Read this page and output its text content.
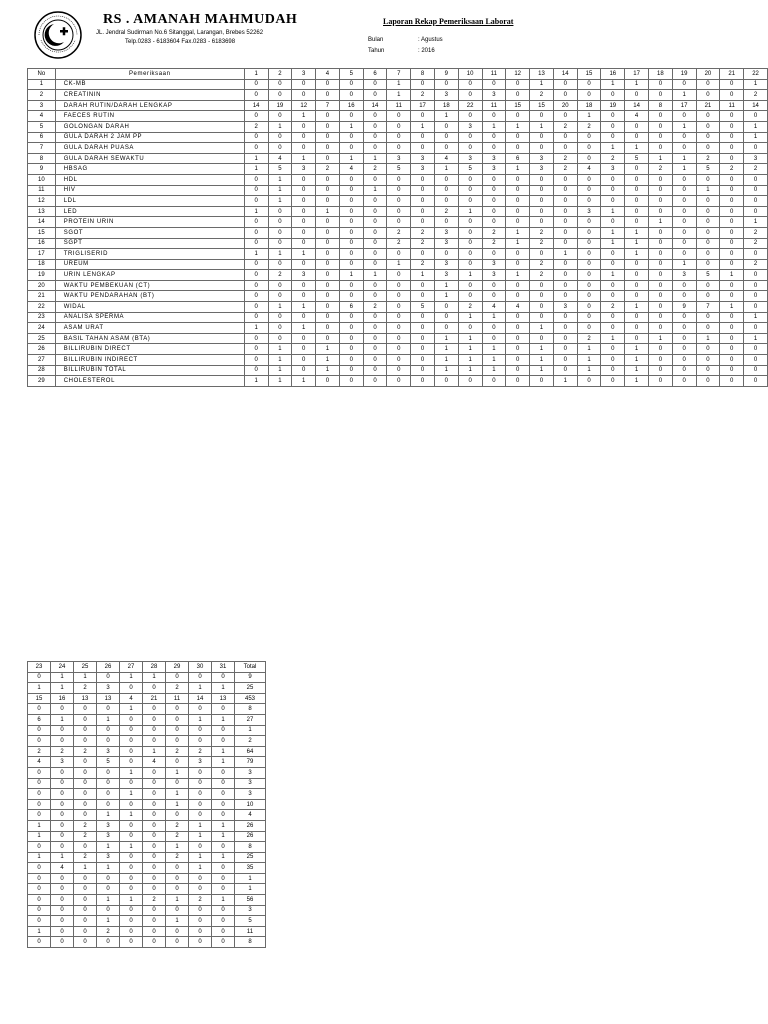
RS . AMANAH MAHMUDAH
JL. Jendral Sudirman No.6 Sitanggal, Larangan, Brebes 52262
Telp.0283 - 6183604 Fax.0283 - 6183698
Laporan Rekap Pemeriksaan Laborat
Bulan	: Agustus
Tahun	: 2016
No	Pemeriksaan	1	2	3	4	5	6	7	8	9	10	11	12	13	14	15	16	17	18	19	20	21	22
1	CK-MB	0	0	0	0	0	0	1	0	0	0	0	0	1	0	0	1	1	0	0	0	0	1
2	CREATININ	0	0	0	0	0	0	1	2	3	0	3	0	2	0	0	0	0	0	1	0	0	2
3	DARAH RUTIN/DARAH LENGKAP	14	19	12	7	16	14	11	17	18	22	11	15	15	20	18	19	14	8	17	21	11	14
4	FAECES RUTIN	0	0	1	0	0	0	0	0	1	0	0	0	0	0	1	0	4	0	0	0	0	0
5	GOLONGAN DARAH	2	1	0	0	1	0	0	1	0	3	1	1	1	2	2	0	0	0	1	0	0	1
6	GULA DARAH 2 JAM PP	0	0	0	0	0	0	0	0	0	0	0	0	0	0	0	0	0	0	0	0	0	1
7	GULA DARAH PUASA	0	0	0	0	0	0	0	0	0	0	0	0	0	0	0	1	1	0	0	0	0	0
8	GULA DARAH SEWAKTU	1	4	1	0	1	1	3	3	4	3	3	6	3	2	0	2	5	1	1	2	0	3
9	HBSAG	1	5	3	2	4	2	5	3	1	5	3	1	3	2	4	3	0	2	1	5	2	2
10	HDL	0	1	0	0	0	0	0	0	0	0	0	0	0	0	0	0	0	0	0	0	0	0
11	HIV	0	1	0	0	0	1	0	0	0	0	0	0	0	0	0	0	0	0	0	1	0	0
12	LDL	0	1	0	0	0	0	0	0	0	0	0	0	0	0	0	0	0	0	0	0	0	0
13	LED	1	0	0	1	0	0	0	0	2	1	0	0	0	0	3	1	0	0	0	0	0	0
14	PROTEIN URIN	0	0	0	0	0	0	0	0	0	0	0	0	0	0	0	0	0	1	0	0	0	1
15	SGOT	0	0	0	0	0	0	2	2	3	0	2	1	2	0	0	1	1	0	0	0	0	2
16	SGPT	0	0	0	0	0	0	2	2	3	0	2	1	2	0	0	1	1	0	0	0	0	2
17	TRIGLISERID	1	1	1	0	0	0	0	0	0	0	0	0	0	1	0	0	1	0	0	0	0	0
18	UREUM	0	0	0	0	0	0	1	2	3	0	3	0	2	0	0	0	0	0	1	0	0	2
19	URIN LENGKAP	0	2	3	0	1	1	0	1	3	1	3	1	2	0	0	1	0	0	3	5	1	0
20	WAKTU PEMBEKUAN (CT)	0	0	0	0	0	0	0	0	1	0	0	0	0	0	0	0	0	0	0	0	0	0
21	WAKTU PENDARAHAN (BT)	0	0	0	0	0	0	0	0	1	0	0	0	0	0	0	0	0	0	0	0	0	0
22	WIDAL	0	1	1	0	6	2	0	5	0	2	4	4	0	3	0	2	1	0	9	7	1	0
23	ANALISA SPERMA	0	0	0	0	0	0	0	0	0	1	1	0	0	0	0	0	0	0	0	0	0	1
24	ASAM URAT	1	0	1	0	0	0	0	0	0	0	0	0	1	0	0	0	0	0	0	0	0	0
25	BASIL TAHAN ASAM (BTA)	0	0	0	0	0	0	0	0	1	1	0	0	0	0	2	1	0	1	0	1	0	1
26	BILLIRUBIN DIRECT	0	1	0	1	0	0	0	0	1	1	1	0	1	0	1	0	1	0	0	0	0	0
27	BILLIRUBIN INDIRECT	0	1	0	1	0	0	0	0	1	1	1	0	1	0	1	0	1	0	0	0	0	0
28	BILLIRUBIN TOTAL	0	1	0	1	0	0	0	0	1	1	1	0	1	0	1	0	1	0	0	0	0	0
29	CHOLESTEROL	1	1	1	0	0	0	0	0	0	0	0	0	0	1	0	0	1	0	0	0	0	0
23	24	25	26	27	28	29	30	31	Total
0	1	1	0	1	1	0	0	0	9
1	1	2	3	0	0	2	1	1	25
15	16	13	13	4	21	11	14	13	453
0	0	0	0	1	0	0	0	0	8
6	1	0	1	0	0	0	1	1	27
0	0	0	0	0	0	0	0	0	1
0	0	0	0	0	0	0	0	0	2
2	2	2	3	0	1	2	2	1	64
4	3	0	5	0	4	0	3	1	79
0	0	0	0	1	0	1	0	0	3
0	0	0	0	0	0	0	0	0	3
0	0	0	0	1	0	1	0	0	3
0	0	0	0	0	0	1	0	0	10
0	0	0	1	1	0	0	0	0	4
1	0	2	3	0	0	2	1	1	26
1	0	2	3	0	0	2	1	1	26
0	0	0	1	1	0	1	0	0	8
1	1	2	3	0	0	2	1	1	25
0	4	1	1	0	0	0	1	0	35
0	0	0	0	0	0	0	0	0	1
0	0	0	0	0	0	0	0	0	1
0	0	0	1	1	2	1	2	1	56
0	0	0	0	0	0	0	0	0	3
0	0	0	1	0	0	1	0	0	5
1	0	0	2	0	0	0	0	0	11
0	0	0	0	0	0	0	0	0	8
